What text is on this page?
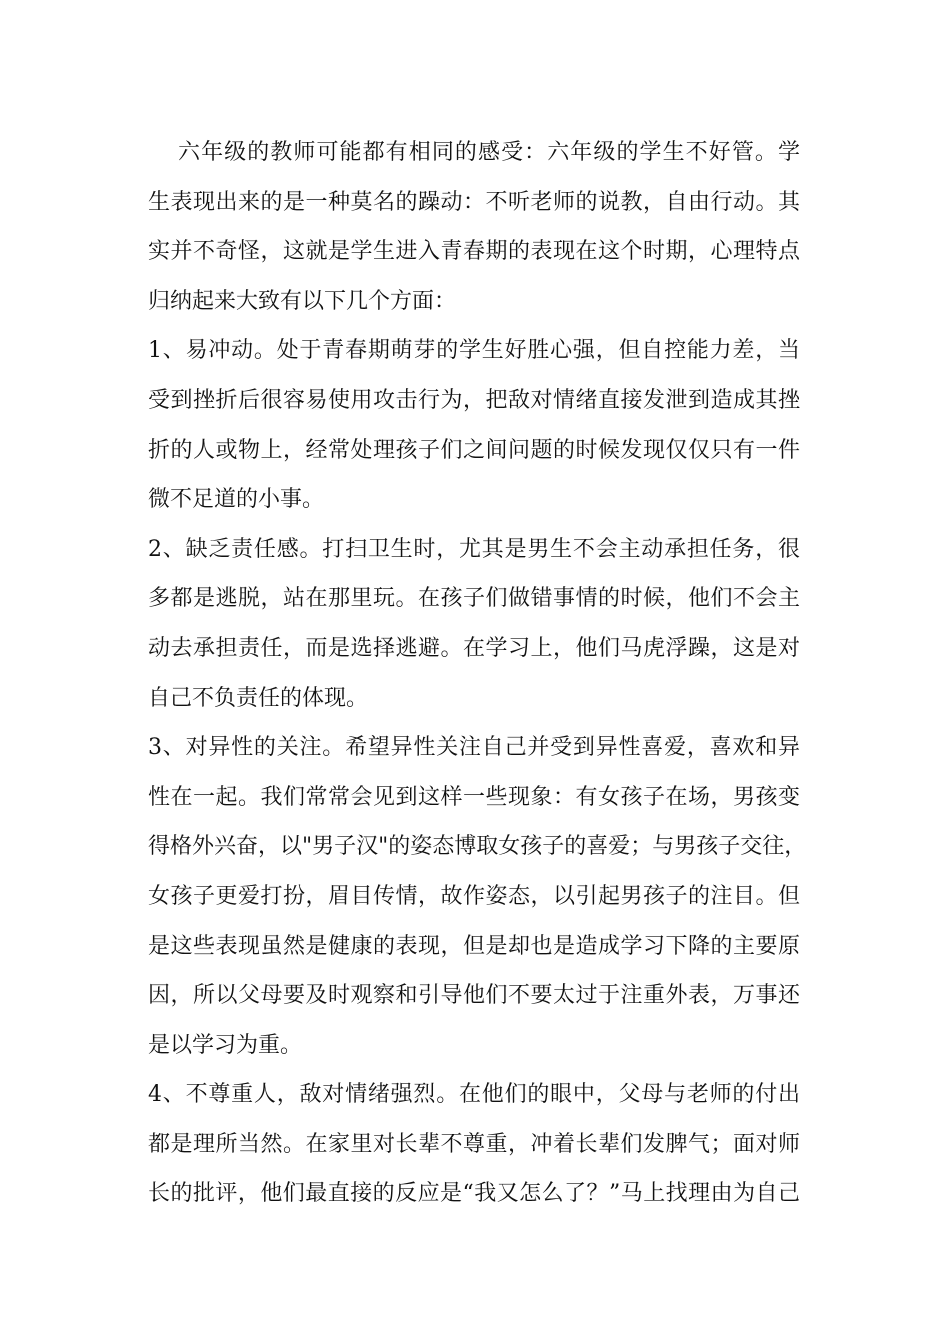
六年级的教师可能都有相同的感受：六年级的学生不好管。学
生表现出来的是一种莫名的躁动：不听老师的说教，自由行动。其
实并不奇怪，这就是学生进入青春期的表现在这个时期，心理特点
归纳起来大致有以下几个方面：
1、易冲动。处于青春期萌芽的学生好胜心强，但自控能力差，当
受到挫折后很容易使用攻击行为，把敌对情绪直接发泄到造成其挫
折的人或物上，经常处理孩子们之间问题的时候发现仅仅只有一件
微不足道的小事。
2、缺乏责任感。打扫卫生时，尤其是男生不会主动承担任务，很
多都是逃脱，站在那里玩。在孩子们做错事情的时候，他们不会主
动去承担责任，而是选择逃避。在学习上，他们马虎浮躁，这是对
自己不负责任的体现。
3、对异性的关注。希望异性关注自己并受到异性喜爱，喜欢和异
性在一起。我们常常会见到这样一些现象：有女孩子在场，男孩变
得格外兴奋，以"男子汉"的姿态博取女孩子的喜爱；与男孩子交往，
女孩子更爱打扮，眉目传情，故作姿态，以引起男孩子的注目。但
是这些表现虽然是健康的表现，但是却也是造成学习下降的主要原
因，所以父母要及时观察和引导他们不要太过于注重外表，万事还
是以学习为重。
4、不尊重人，敌对情绪强烈。在他们的眼中，父母与老师的付出
都是理所当然。在家里对长辈不尊重，冲着长辈们发脾气；面对师
长的批评，他们最直接的反应是“我又怎么了？”马上找理由为自己
